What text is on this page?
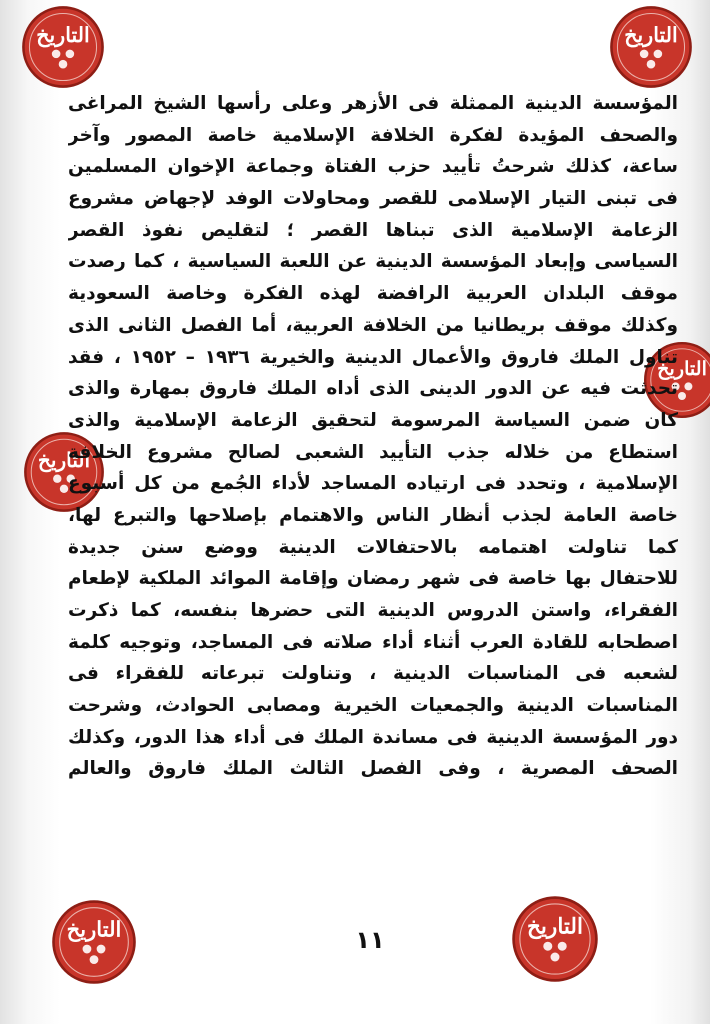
التاريخ	التاريخ
التاريخ
التاريخ
التاريخ	التاريخ
المؤسسة الدينية الممثلة فى الأزهر وعلى رأسها الشيخ المراغى
والصحف المؤيدة لفكرة الخلافة الإسلامية خاصة المصور وآخر
ساعة، كذلك شرحتُ تأييد حزب الفتاة وجماعة الإخوان المسلمين
فى تبنى التيار الإسلامى للقصر ومحاولات الوفد لإجهاض مشروع
الزعامة الإسلامية الذى تبناها القصر ؛ لتقليص نفوذ القصر
السياسى وإبعاد المؤسسة الدينية عن اللعبة السياسية ، كما رصدت
موقف البلدان العربية الرافضة لهذه الفكرة وخاصة السعودية
وكذلك موقف بريطانيا من الخلافة العربية، أما الفصل الثانى الذى
تناول الملك فاروق والأعمال الدينية والخيرية ١٩٣٦ – ١٩٥٢ ، فقد
تحدثت فيه عن الدور الدينى الذى أداه الملك فاروق بمهارة والذى
كان ضمن السياسة المرسومة لتحقيق الزعامة الإسلامية والذى
استطاع من خلاله جذب التأييد الشعبى لصالح مشروع الخلافة
الإسلامية ، وتحدد فى ارتياده المساجد لأداء الجُمع من كل أسبوع
خاصة العامة لجذب أنظار الناس والاهتمام بإصلاحها والتبرع لها،
كما تناولت اهتمامه بالاحتفالات الدينية ووضع سنن جديدة
للاحتفال بها خاصة فى شهر رمضان وإقامة الموائد الملكية لإطعام
الفقراء، واستن الدروس الدينية التى حضرها بنفسه، كما ذكرت
اصطحابه للقادة العرب أثناء أداء صلاته فى المساجد، وتوجيه كلمة
لشعبه فى المناسبات الدينية ، وتناولت تبرعاته للفقراء فى
المناسبات الدينية والجمعيات الخيرية ومصابى الحوادث، وشرحت
دور المؤسسة الدينية فى مساندة الملك فى أداء هذا الدور، وكذلك
الصحف المصرية ، وفى الفصل الثالث الملك فاروق والعالم
١١
